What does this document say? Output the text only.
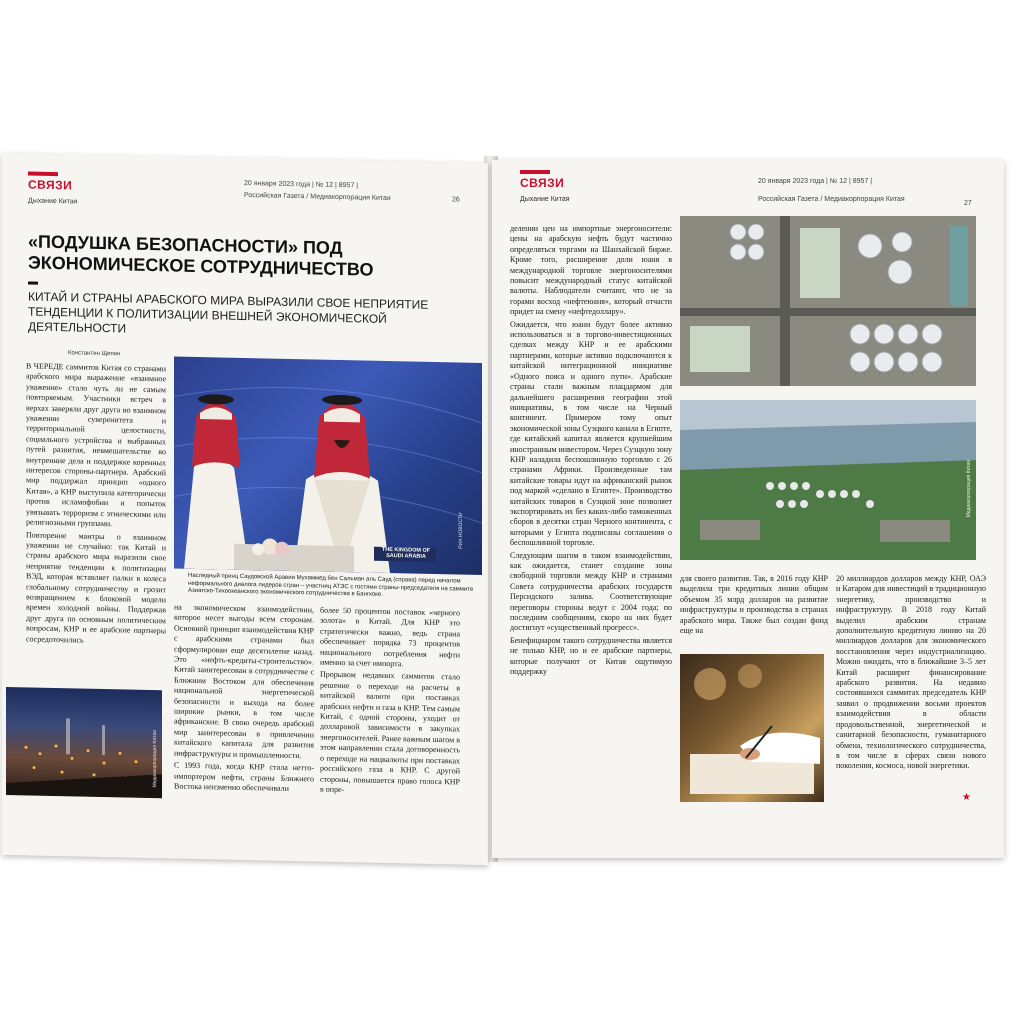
СВЯЗИ
Дыхание Китая
20 января 2023 года | № 12 | 8957 |
Российская Газета / Медиакорпорация Китая	26
«ПОДУШКА БЕЗОПАСНОСТИ» ПОД ЭКОНОМИЧЕСКОЕ СОТРУДНИЧЕСТВО
КИТАЙ И СТРАНЫ АРАБСКОГО МИРА ВЫРАЗИЛИ СВОЕ НЕПРИЯТИЕ ТЕНДЕНЦИИ К ПОЛИТИЗАЦИИ ВНЕШНЕЙ ЭКОНОМИЧЕСКОЙ ДЕЯТЕЛЬНОСТИ
Константин Щепин

В ЧЕРЕДЕ саммитов Китая со странами арабского мира выражение «взаимное уважение» стало чуть ли не самым повторяемым. Участники встреч в верхах заверяли друг друга во взаимном уважении суверенитета и территориальной целостности, социального устройства и выбранных путей развития, невмешательстве во внутренние дела и поддержке коренных интересов стороны-партнера. Арабский мир поддержал принцип «одного Китая», а КНР выступила категорически против исламофобии и попыток увязывать терроризм с этническими или религиозными группами.

Повторение мантры о взаимном уважении не случайно: так Китай и страны арабского мира выразили свое неприятие тенденции к политизации ВЭД, которая вставляет палки в колеса глобальному сотрудничеству и грозит возвращением к блоковой модели времен холодной войны. Поддержав друг друга по основным политическим вопросам, КНР и ее арабские партнеры сосредоточились

THE KINGDOM OF SAUDI ARABIA
РИА НОВОСТИ
Наследный принц Саудовской Аравии Мухаммед бен Сальман аль Сауд (справа) перед началом неформального диалога лидеров стран – участниц АТЭС с гостями страны-председателя на саммите Азиатско-Тихоокеанского экономического сотрудничества в Бангкоке.

на экономическом взаимодействии, которое несет выгоды всем сторонам. Основной принцип взаимодействия КНР с арабскими странами был сформулирован еще десятилетие назад. Это «нефть-кредиты-строительство». Китай заинтересован в сотрудничестве с Ближним Востоком для обеспечения национальной энергетической безопасности и выхода на более широкие рынки, в том числе африканские. В свою очередь арабский мир заинтересован в привлечении китайского капитала для развития инфраструктуры и промышленности.

С 1993 года, когда КНР стала нетто-импортером нефти, страны Ближнего Востока неизменно обеспечивали

более 50 процентов поставок «черного золота» в Китай. Для КНР это стратегически важно, ведь страна обеспечивает порядка 73 процентов национального потребления нефти именно за счет импорта.

Прорывом недавних саммитов стало решение о переходе на расчеты в китайской валюте при поставках арабских нефти и газа в КНР. Тем самым Китай, с одной стороны, уходит от долларовой зависимости в закупках энергоносителей. Ранее важным шагом в этом направлении стала договоренность о переходе на нацвалюты при поставках российского газа в КНР. С другой стороны, повышается право голоса КНР в опре-

Медиакорпорация Китая
СВЯЗИ
Дыхание Китая
20 января 2023 года | № 12 | 8957 |
Российская Газета / Медиакорпорация Китая
27

делении цен на импортные энергоносители: цены на арабскую нефть будут частично определяться торгами на Шанхайской бирже. Кроме того, расширение доли юаня в международной торговле энергоносителями повысит международный статус китайской валюты. Наблюдатели считают, что не за горами восход «нефтеюаня», который отчасти придет на смену «нефтедоллару».

Ожидается, что юани будут более активно использоваться и в торгово-инвестиционных сделках между КНР и ее арабскими партнерами, которые активно подключаются к китайской интеграционной инициативе «Одного пояса и одного пути». Арабские страны стали важным плацдармом для дальнейшего расширения географии этой инициативы, в том числе на Черный континент. Примером тому опыт экономической зоны Суэцкого канала в Египте, где китайский капитал является крупнейшим иностранным инвестором. Через Суэцкую зону КНР наладила беспошлинную торговлю с 26 странами Африки. Произведенные там китайские товары идут на африканский рынок под маркой «сделано в Египте». Производство китайских товаров в Суэцкой зоне позволяет экспортировать их без каких-либо таможенных сборов в десятки стран Черного континента, с которыми у Египта подписаны соглашения о беспошлинной торговле.

Следующим шагом в таком взаимодействии, как ожидается, станет создание зоны свободной торговли между КНР и странами Совета сотрудничества арабских государств Персидского залива. Соответствующие переговоры стороны ведут с 2004 года; по последним сообщениям, скоро на них будет достигнут «существенный прогресс».

Бенефициаром такого сотрудничества является не только КНР, но и ее арабские партнеры, которые получают от Китая ощутимую поддержку

Медиакорпорация Китая

для своего развития. Так, в 2016 году КНР выделила три кредитных линии общим объемом 35 млрд долларов на развитие инфраструктуры и производства в странах арабского мира. Также был создан фонд еще на

20 миллиардов долларов между КНР, ОАЭ и Катаром для инвестиций в традиционную энергетику, производство и инфраструктуру. В 2018 году Китай выделил арабским странам дополнительную кредитную линию на 20 миллиардов долларов для экономического восстановления через индустриализацию. Можно ожидать, что в ближайшие 3–5 лет Китай расширит финансирование арабского развития. На недавно состоявшихся саммитах председатель КНР заявил о продвижении восьми проектов взаимодействия в области продовольственной, энергетической и санитарной безопасности, гуманитарного обмена, технологического сотрудничества, в том числе в сферах связи нового поколения, космоса, новой энергетики.

★
